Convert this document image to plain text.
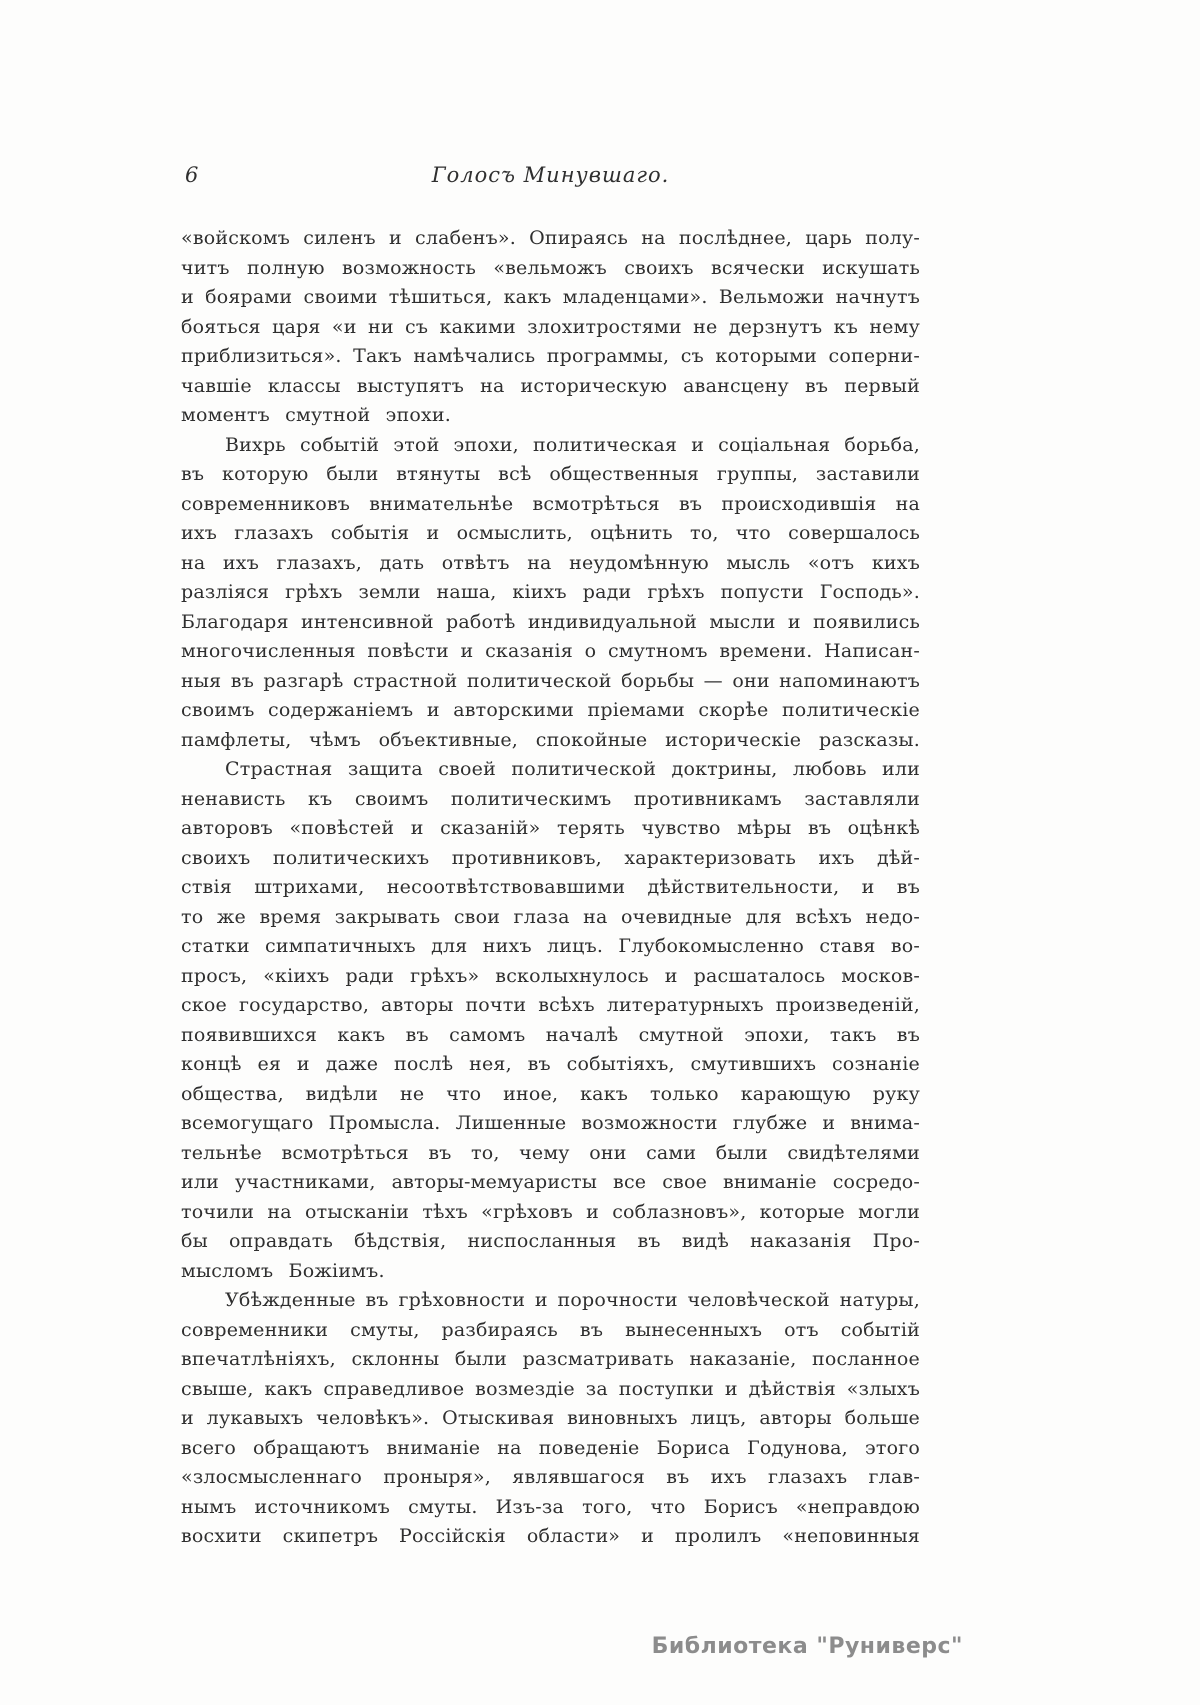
6	Голосъ Минувшаго.
«войскомъ силенъ и слабенъ». Опираясь на послѣднее, царь полу-
читъ полную возможность «вельможъ своихъ всячески искушать
и боярами своими тѣшиться, какъ младенцами». Вельможи начнутъ
бояться царя «и ни съ какими злохитростями не дерзнутъ къ нему
приблизиться». Такъ намѣчались программы, съ которыми соперни-
чавшіе классы выступятъ на историческую авансцену въ первый
моментъ смутной эпохи.
Вихрь событій этой эпохи, политическая и соціальная борьба,
въ которую были втянуты всѣ общественныя группы, заставили
современниковъ внимательнѣе всмотрѣться въ происходившія на
ихъ глазахъ событія и осмыслить, оцѣнить то, что совершалось
на ихъ глазахъ, дать отвѣтъ на неудомѣнную мысль «отъ кихъ
разліяся грѣхъ земли наша, кіихъ ради грѣхъ попусти Господь».
Благодаря интенсивной работѣ индивидуальной мысли и появились
многочисленныя повѣсти и сказанія о смутномъ времени. Написан-
ныя въ разгарѣ страстной политической борьбы — они напоминаютъ
своимъ содержаніемъ и авторскими пріемами скорѣе политическіе
памфлеты, чѣмъ объективные, спокойные историческіе разсказы.
Страстная защита своей политической доктрины, любовь или
ненависть къ своимъ политическимъ противникамъ заставляли
авторовъ «повѣстей и сказаній» терять чувство мѣры въ оцѣнкѣ
своихъ политическихъ противниковъ, характеризовать ихъ дѣй-
ствія штрихами, несоотвѣтствовавшими дѣйствительности, и въ
то же время закрывать свои глаза на очевидные для всѣхъ недо-
статки симпатичныхъ для нихъ лицъ. Глубокомысленно ставя во-
просъ, «кіихъ ради грѣхъ» всколыхнулось и расшаталось москов-
ское государство, авторы почти всѣхъ литературныхъ произведеній,
появившихся какъ въ самомъ началѣ смутной эпохи, такъ въ
концѣ ея и даже послѣ нея, въ событіяхъ, смутившихъ сознаніе
общества, видѣли не что иное, какъ только карающую руку
всемогущаго Промысла. Лишенные возможности глубже и внима-
тельнѣе всмотрѣться въ то, чему они сами были свидѣтелями
или участниками, авторы-мемуаристы все свое вниманіе сосредо-
точили на отысканіи тѣхъ «грѣховъ и соблазновъ», которые могли
бы оправдать бѣдствія, ниспосланныя въ видѣ наказанія Про-
мысломъ Божіимъ.
Убѣжденные въ грѣховности и порочности человѣческой натуры,
современники смуты, разбираясь въ вынесенныхъ отъ событій
впечатлѣніяхъ, склонны были разсматривать наказаніе, посланное
свыше, какъ справедливое возмездіе за поступки и дѣйствія «злыхъ
и лукавыхъ человѣкъ». Отыскивая виновныхъ лицъ, авторы больше
всего обращаютъ вниманіе на поведеніе Бориса Годунова, этого
«злосмысленнаго проныря», являвшагося въ ихъ глазахъ глав-
нымъ источникомъ смуты. Изъ-за того, что Борисъ «неправдою
восхити скипетръ Россійскія области» и пролилъ «неповинныя
Библиотека "Руниверс"
